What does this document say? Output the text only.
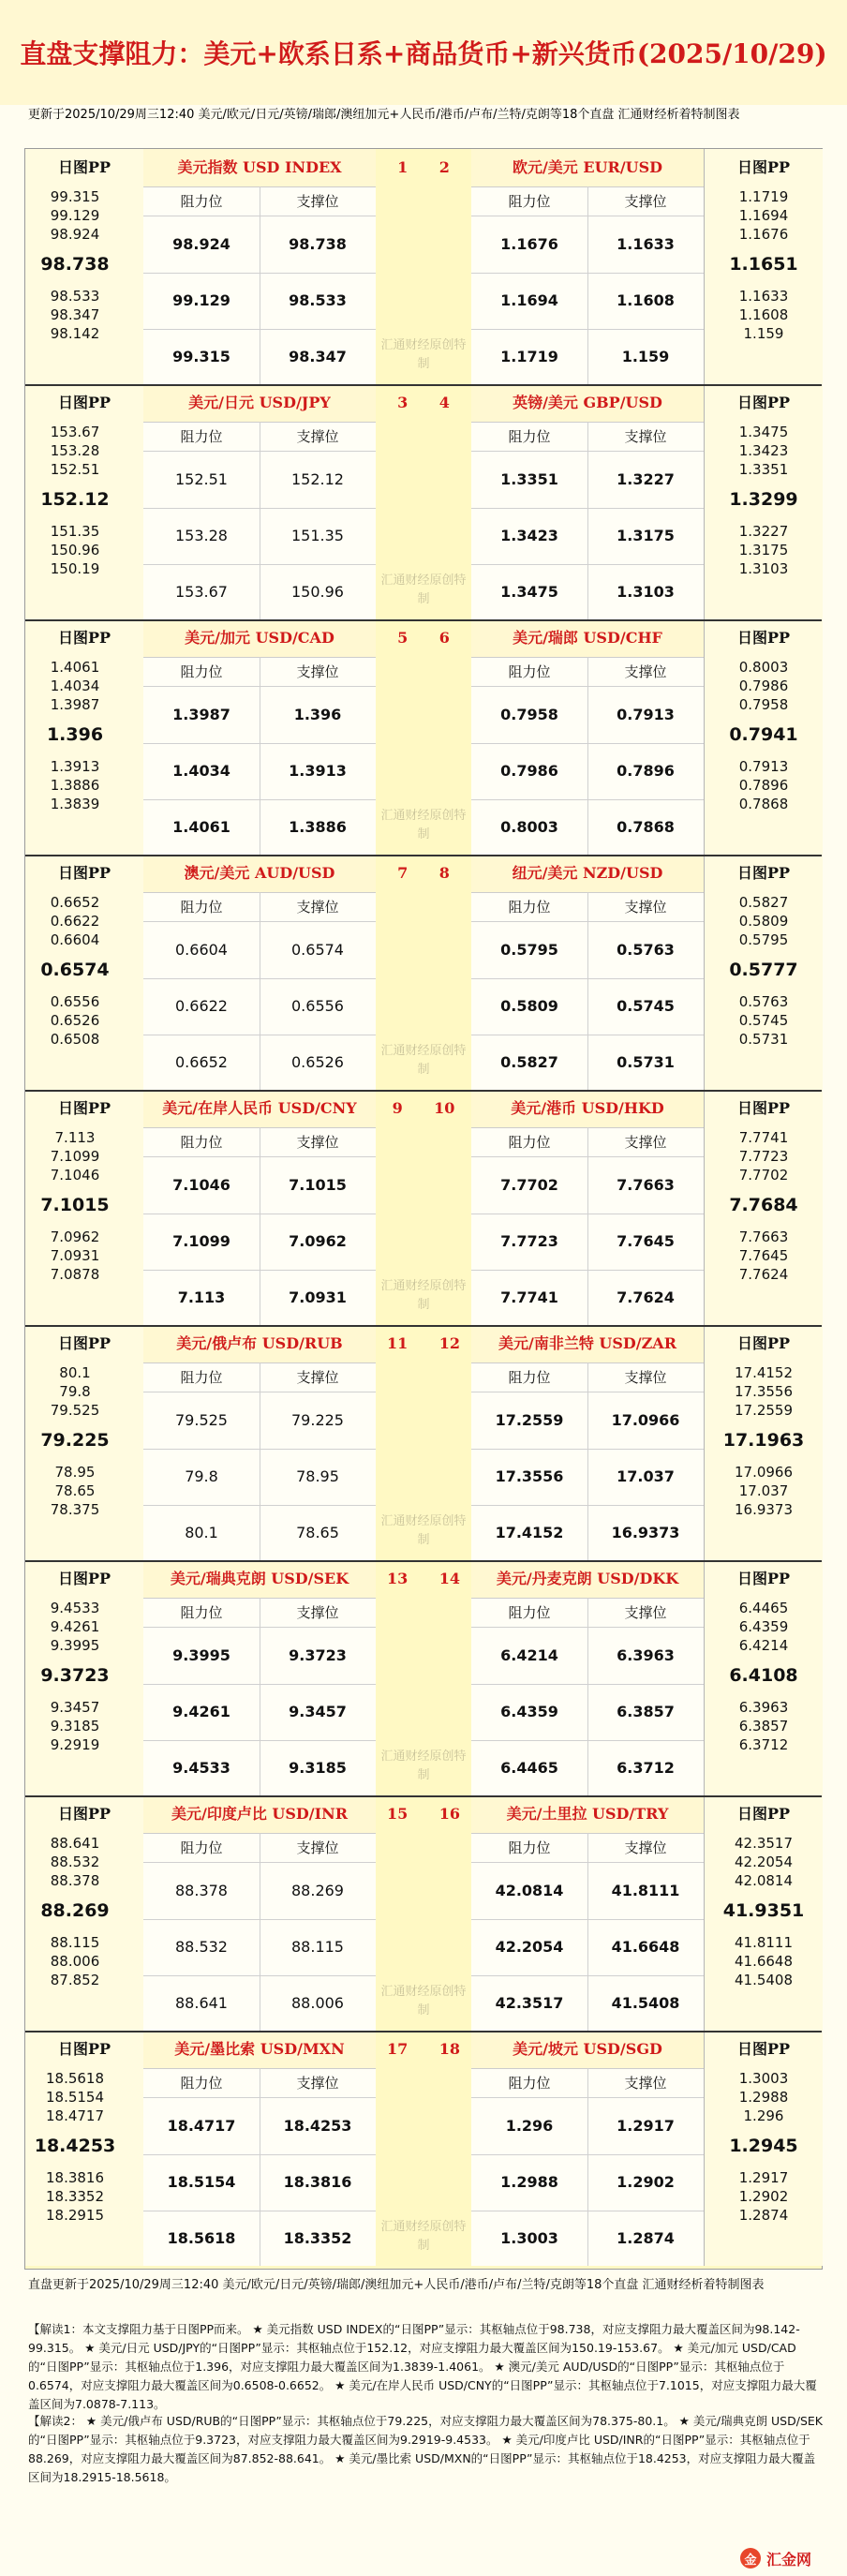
直盘支撑阻力：美元+欧系日系+商品货币+新兴货币(2025/10/29)
更新于2025/10/29周三12:40 美元/欧元/日元/英镑/瑞郎/澳纽加元+人民币/港币/卢布/兰特/克朗等18个直盘 汇通财经析着特制图表
日图PP
99.315
99.129
98.924
98.738
98.533
98.347
98.142
美元指数 USD INDEX
阻力位	支撑位
98.924	98.738
99.129	98.533
99.315	98.347
日图PP
1.1719
1.1694
1.1676
1.1651
1.1633
1.1608
1.159
欧元/美元 EUR/USD
阻力位	支撑位
1.1676	1.1633
1.1694	1.1608
1.1719	1.159
1 2
汇通财经原创特制
日图PP
153.67
153.28
152.51
152.12
151.35
150.96
150.19
美元/日元 USD/JPY
阻力位	支撑位
152.51	152.12
153.28	151.35
153.67	150.96
日图PP
1.3475
1.3423
1.3351
1.3299
1.3227
1.3175
1.3103
英镑/美元 GBP/USD
阻力位	支撑位
1.3351	1.3227
1.3423	1.3175
1.3475	1.3103
3 4
汇通财经原创特制
日图PP
1.4061
1.4034
1.3987
1.396
1.3913
1.3886
1.3839
美元/加元 USD/CAD
阻力位	支撑位
1.3987	1.396
1.4034	1.3913
1.4061	1.3886
日图PP
0.8003
0.7986
0.7958
0.7941
0.7913
0.7896
0.7868
美元/瑞郎 USD/CHF
阻力位	支撑位
0.7958	0.7913
0.7986	0.7896
0.8003	0.7868
5 6
汇通财经原创特制
日图PP
0.6652
0.6622
0.6604
0.6574
0.6556
0.6526
0.6508
澳元/美元 AUD/USD
阻力位	支撑位
0.6604	0.6574
0.6622	0.6556
0.6652	0.6526
日图PP
0.5827
0.5809
0.5795
0.5777
0.5763
0.5745
0.5731
纽元/美元 NZD/USD
阻力位	支撑位
0.5795	0.5763
0.5809	0.5745
0.5827	0.5731
7 8
汇通财经原创特制
日图PP
7.113
7.1099
7.1046
7.1015
7.0962
7.0931
7.0878
美元/在岸人民币 USD/CNY
阻力位	支撑位
7.1046	7.1015
7.1099	7.0962
7.113	7.0931
日图PP
7.7741
7.7723
7.7702
7.7684
7.7663
7.7645
7.7624
美元/港币 USD/HKD
阻力位	支撑位
7.7702	7.7663
7.7723	7.7645
7.7741	7.7624
9 10
汇通财经原创特制
日图PP
80.1
79.8
79.525
79.225
78.95
78.65
78.375
美元/俄卢布 USD/RUB
阻力位	支撑位
79.525	79.225
79.8	78.95
80.1	78.65
日图PP
17.4152
17.3556
17.2559
17.1963
17.0966
17.037
16.9373
美元/南非兰特 USD/ZAR
阻力位	支撑位
17.2559	17.0966
17.3556	17.037
17.4152	16.9373
11 12
汇通财经原创特制
日图PP
9.4533
9.4261
9.3995
9.3723
9.3457
9.3185
9.2919
美元/瑞典克朗 USD/SEK
阻力位	支撑位
9.3995	9.3723
9.4261	9.3457
9.4533	9.3185
日图PP
6.4465
6.4359
6.4214
6.4108
6.3963
6.3857
6.3712
美元/丹麦克朗 USD/DKK
阻力位	支撑位
6.4214	6.3963
6.4359	6.3857
6.4465	6.3712
13 14
汇通财经原创特制
日图PP
88.641
88.532
88.378
88.269
88.115
88.006
87.852
美元/印度卢比 USD/INR
阻力位	支撑位
88.378	88.269
88.532	88.115
88.641	88.006
日图PP
42.3517
42.2054
42.0814
41.9351
41.8111
41.6648
41.5408
美元/土里拉 USD/TRY
阻力位	支撑位
42.0814	41.8111
42.2054	41.6648
42.3517	41.5408
15 16
汇通财经原创特制
日图PP
18.5618
18.5154
18.4717
18.4253
18.3816
18.3352
18.2915
美元/墨比索 USD/MXN
阻力位	支撑位
18.4717	18.4253
18.5154	18.3816
18.5618	18.3352
日图PP
1.3003
1.2988
1.296
1.2945
1.2917
1.2902
1.2874
美元/坡元 USD/SGD
阻力位	支撑位
1.296	1.2917
1.2988	1.2902
1.3003	1.2874
17 18
汇通财经原创特制
直盘更新于2025/10/29周三12:40 美元/欧元/日元/英镑/瑞郎/澳纽加元+人民币/港币/卢布/兰特/克朗等18个直盘 汇通财经析着特制图表
【解读1：本文支撑阻力基于日图PP而来。 ★ 美元指数 USD INDEX的“日图PP”显示：其枢轴点位于98.738，对应支撑阻力最大覆盖区间为98.142-99.315。 ★ 美元/日元 USD/JPY的“日图PP”显示：其枢轴点位于152.12，对应支撑阻力最大覆盖区间为150.19-153.67。 ★ 美元/加元 USD/CAD的“日图PP”显示：其枢轴点位于1.396，对应支撑阻力最大覆盖区间为1.3839-1.4061。 ★ 澳元/美元 AUD/USD的“日图PP”显示：其枢轴点位于0.6574，对应支撑阻力最大覆盖区间为0.6508-0.6652。 ★ 美元/在岸人民币 USD/CNY的“日图PP”显示：其枢轴点位于7.1015，对应支撑阻力最大覆盖区间为7.0878-7.113。
【解读2： ★ 美元/俄卢布 USD/RUB的“日图PP”显示：其枢轴点位于79.225，对应支撑阻力最大覆盖区间为78.375-80.1。 ★ 美元/瑞典克朗 USD/SEK的“日图PP”显示：其枢轴点位于9.3723，对应支撑阻力最大覆盖区间为9.2919-9.4533。 ★ 美元/印度卢比 USD/INR的“日图PP”显示：其枢轴点位于88.269，对应支撑阻力最大覆盖区间为87.852-88.641。 ★ 美元/墨比索 USD/MXN的“日图PP”显示：其枢轴点位于18.4253，对应支撑阻力最大覆盖区间为18.2915-18.5618。
金 汇金网
